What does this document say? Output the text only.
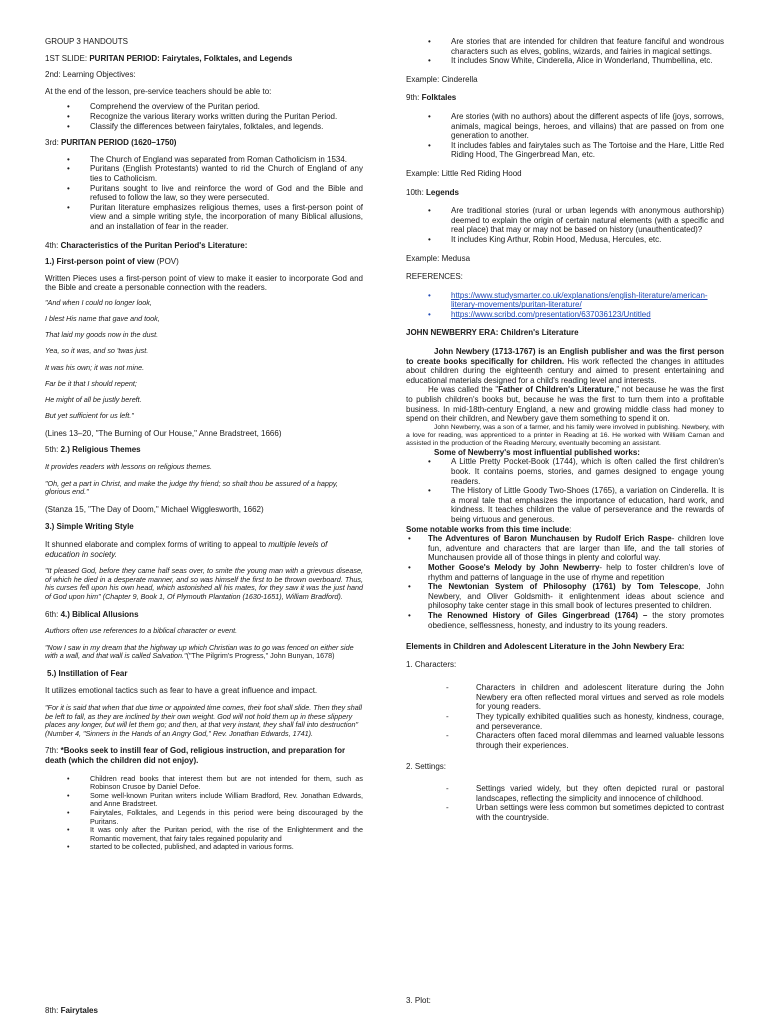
GROUP 3 HANDOUTS

1ST SLIDE: PURITAN PERIOD: Fairytales, Folktales, and Legends

2nd: Learning Objectives:

At the end of the lesson, pre-service teachers should be able to:

• Comprehend the overview of the Puritan period.
• Recognize the various literary works written during the Puritan Period.
• Classify the differences between fairytales, folktales, and legends.

3rd: PURITAN PERIOD (1620–1750)

• The Church of England was separated from Roman Catholicism in 1534.
• Puritans (English Protestants) wanted to rid the Church of England of any ties to Catholicism.
• Puritans sought to live and reinforce the word of God and the Bible and refused to follow the law, so they were persecuted.
• Puritan literature emphasizes religious themes, uses a first-person point of view and a simple writing style, the incorporation of many Biblical allusions, and an installation of fear in the reader.

4th: Characteristics of the Puritan Period's Literature:

1.) First-person point of view (POV)

Written Pieces uses a first-person point of view to make it easier to incorporate God and the Bible and create a personable connection with the readers.

"And when I could no longer look,

I blest His name that gave and took,

That laid my goods now in the dust.

Yea, so it was, and so 'twas just.

It was his own; it was not mine.

Far be it that I should repent;

He might of all be justly bereft.

But yet sufficient for us left."

(Lines 13–20, "The Burning of Our House," Anne Bradstreet, 1666)

5th: 2.) Religious Themes

It provides readers with lessons on religious themes.

"Oh, get a part in Christ, and make the judge thy friend; so shalt thou be assured of a happy, glorious end."

(Stanza 15, "The Day of Doom," Michael Wigglesworth, 1662)

3.) Simple Writing Style

It shunned elaborate and complex forms of writing to appeal to multiple levels of education in society.

"It pleased God, before they came half seas over, to smite the young man with a grievous disease, of which he died in a desperate manner, and so was himself the first to be thrown overboard. Thus, his curses fell upon his own head, which astonished all his mates, for they saw it was the just hand of God upon him" (Chapter 9, Book 1, Of Plymouth Plantation (1630-1651), William Bradford).

6th: 4.) Biblical Allusions

Authors often use references to a biblical character or event.

"Now I saw in my dream that the highway up which Christian was to go was fenced on either side with a wall, and that wall is called Salvation."("The Pilgrim's Progress," John Bunyan, 1678)

5.) Instillation of Fear

It utilizes emotional tactics such as fear to have a great influence and impact.

"For it is said that when that due time or appointed time comes, their foot shall slide. Then they shall be left to fall, as they are inclined by their own weight. God will not hold them up in these slippery places any longer, but will let them go; and then, at that very instant, they shall fall into destruction" (Number 4, "Sinners in the Hands of an Angry God," Rev. Jonathan Edwards, 1741).

7th: *Books seek to instill fear of God, religious instruction, and preparation for death (which the children did not enjoy).

• Children read books that interest them but are not intended for them, such as Robinson Crusoe by Daniel Defoe.
• Some well-known Puritan writers include William Bradford, Rev. Jonathan Edwards, and Anne Bradstreet.
• Fairytales, Folktales, and Legends in this period were being discouraged by the Puritans.
• It was only after the Puritan period, with the rise of the Enlightenment and the Romantic movement, that fairy tales regained popularity and
• started to be collected, published, and adapted in various forms.

8th: Fairytales

• Are stories that are intended for children that feature fanciful and wondrous characters such as elves, goblins, wizards, and fairies in magical settings.
• It includes Snow White, Cinderella, Alice in Wonderland, Thumbellina, etc.

Example: Cinderella

9th: Folktales

• Are stories (with no authors) about the different aspects of life (joys, sorrows, animals, magical beings, heroes, and villains) that are passed on from one generation to another.
• It includes fables and fairytales such as The Tortoise and the Hare, Little Red Riding Hood, The Gingerbread Man, etc.

Example: Little Red Riding Hood

10th: Legends

• Are traditional stories (rural or urban legends with anonymous authorship) deemed to explain the origin of certain natural elements (with a specific and real place) that may or may not be based on history (unauthenticated)?
• It includes King Arthur, Robin Hood, Medusa, Hercules, etc.

Example: Medusa

REFERENCES:

• https://www.studysmarter.co.uk/explanations/english-literature/american-literary-movements/puritan-literature/
• https://www.scribd.com/presentation/637036123/Untitled

JOHN NEWBERRY ERA: Children's Literature

John Newbery (1713-1767) is an English publisher and was the first person to create books specifically for children. His work reflected the changes in attitudes about children during the eighteenth century and aimed to present entertaining and educational materials designed for a child's reading level and interests.

He was called the "Father of Children's Literature," not because he was the first to publish children's books but, because he was the first to turn them into a profitable business. In mid-18th-century England, a new and growing middle class had money to spend on their children, and Newbery gave them something to spend it on.

John Newberry, was a son of a farmer, and his family were involved in publishing. Newbery, with a love for reading, was apprenticed to a printer in Reading at 16. He worked with William Carnan and assisted in the production of the Reading Mercury, eventually becoming an assistant.

Some of Newberry's most influential published works:

• A Little Pretty Pocket-Book (1744), which is often called the first children's book. It contains poems, stories, and games designed to engage young readers.
• The History of Little Goody Two-Shoes (1765), a variation on Cinderella. It is a moral tale that emphasizes the importance of education, hard work, and kindness. It teaches children the value of perseverance and the rewards of being virtuous and generous.

Some notable works from this time include:

• The Adventures of Baron Munchausen by Rudolf Erich Raspe- children love fun, adventure and characters that are larger than life, and the tall stories of Munchausen provide all of those things in plenty and colorful way.
• Mother Goose's Melody by John Newberry- help to foster children's love of rhythm and patterns of language in the use of rhyme and repetition
• The Newtonian System of Philosophy (1761) by Tom Telescope, John Newbery, and Oliver Goldsmith- it enlightenment ideas about science and philosophy take center stage in this small book of lectures presented to children.
• The Renowned History of Giles Gingerbread (1764) – the story promotes obedience, selflessness, honesty, and industry to its young readers.

Elements in Children and Adolescent Literature in the John Newbery Era:

1. Characters:

- Characters in children and adolescent literature during the John Newbery era often reflected moral virtues and served as role models for young readers.
- They typically exhibited qualities such as honesty, kindness, courage, and perseverance.
- Characters often faced moral dilemmas and learned valuable lessons through their experiences.

2. Settings:

- Settings varied widely, but they often depicted rural or pastoral landscapes, reflecting the simplicity and innocence of childhood.
- Urban settings were less common but sometimes depicted to contrast with the countryside.

3. Plot:
